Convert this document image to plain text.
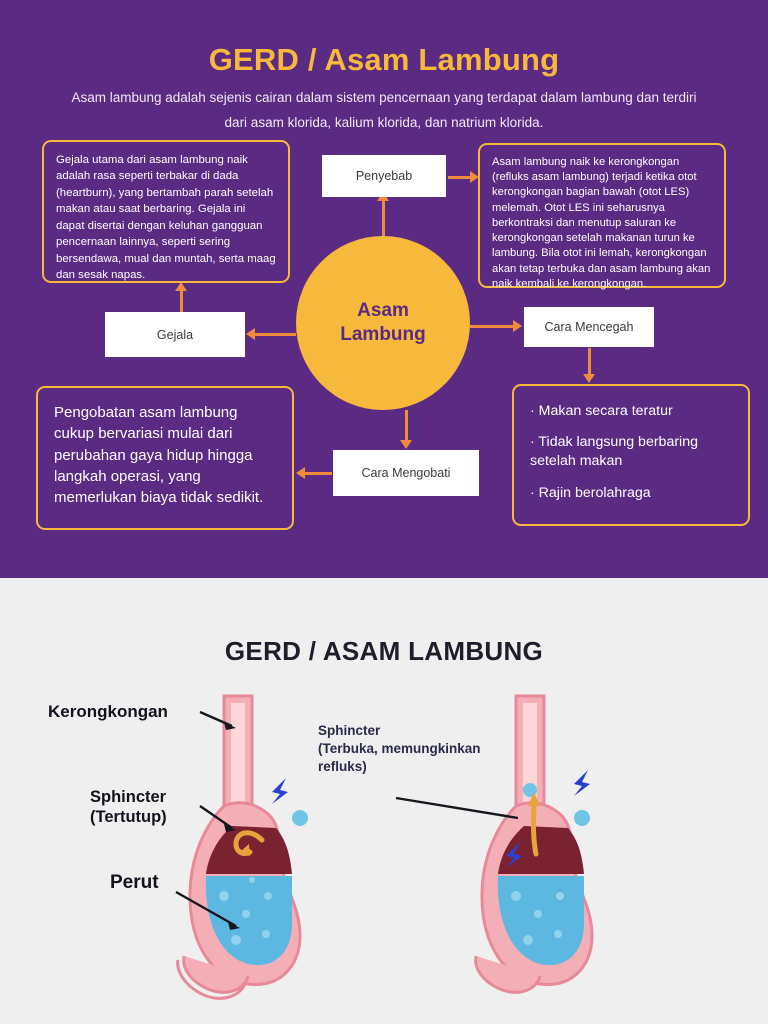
GERD / Asam Lambung
Asam lambung adalah sejenis cairan dalam sistem pencernaan yang terdapat dalam lambung dan terdiri dari asam klorida, kalium klorida, dan natrium klorida.
Asam
Lambung
Penyebab
Gejala
Cara Mencegah
Cara Mengobati
Gejala utama dari asam lambung naik adalah rasa seperti terbakar di dada (heartburn), yang bertambah parah setelah makan atau saat berbaring. Gejala ini dapat disertai dengan keluhan gangguan pencernaan lainnya, seperti sering bersendawa, mual dan muntah, serta maag dan sesak napas.
Asam lambung naik ke kerongkongan (refluks asam lambung) terjadi ketika otot kerongkongan bagian bawah (otot LES) melemah. Otot LES ini seharusnya berkontraksi dan menutup saluran ke kerongkongan setelah makanan turun ke lambung. Bila otot ini lemah, kerongkongan akan tetap terbuka dan asam lambung akan naik kembali ke kerongkongan.
Pengobatan asam lambung cukup bervariasi mulai dari perubahan gaya hidup hingga langkah operasi, yang memerlukan biaya tidak sedikit.
· Makan secara teratur
· Tidak langsung berbaring setelah makan
· Rajin berolahraga
GERD / ASAM LAMBUNG
Kerongkongan
Sphincter
(Tertutup)
Perut
Sphincter
(Terbuka, memungkinkan
refluks)
